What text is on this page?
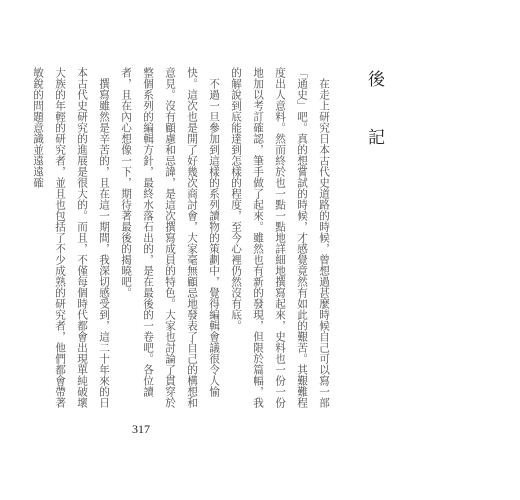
後　記

　在走上研究日本古代史道路的時候，曾想過甚麼時候自己可以寫一部「通史」吧。真的想嘗試的時候，才感覺竟然有如此的艱苦。其艱難程度出人意料。然而終於也一點一點地詳細地撰寫起來，史料也一份一份地加以考訂確認，筆手做了起來。雖然也有新的發現，但限於篇幅，我的解說到底能達到怎樣的程度，至今心裡仍然沒有底。

　不過一旦參加到這樣的系列讀物的策劃中，覺得編輯會議很令人愉快。這次也是開了好幾次商討會，大家毫無顧忌地發表了自己的構想和意見。沒有顧慮和忌諱，是這次撰寫成員的特色。大家也討論了貫穿於整個系列的編輯方針，最終水落石出的，是在最後的一卷吧。各位讀者，且在內心想像一下，期待著最後的揭曉吧。

　撰寫雖然是辛苦的，且在這一期間，我深切感受到，這二十年來的日本古代史研究的進展是很大的。而且，不僅每個時代都會出現單純破壞大族的年輕的研究者，並且也包括了不少成熟的研究者，他們都會帶著敏銳的問題意識並遠遠確

317
